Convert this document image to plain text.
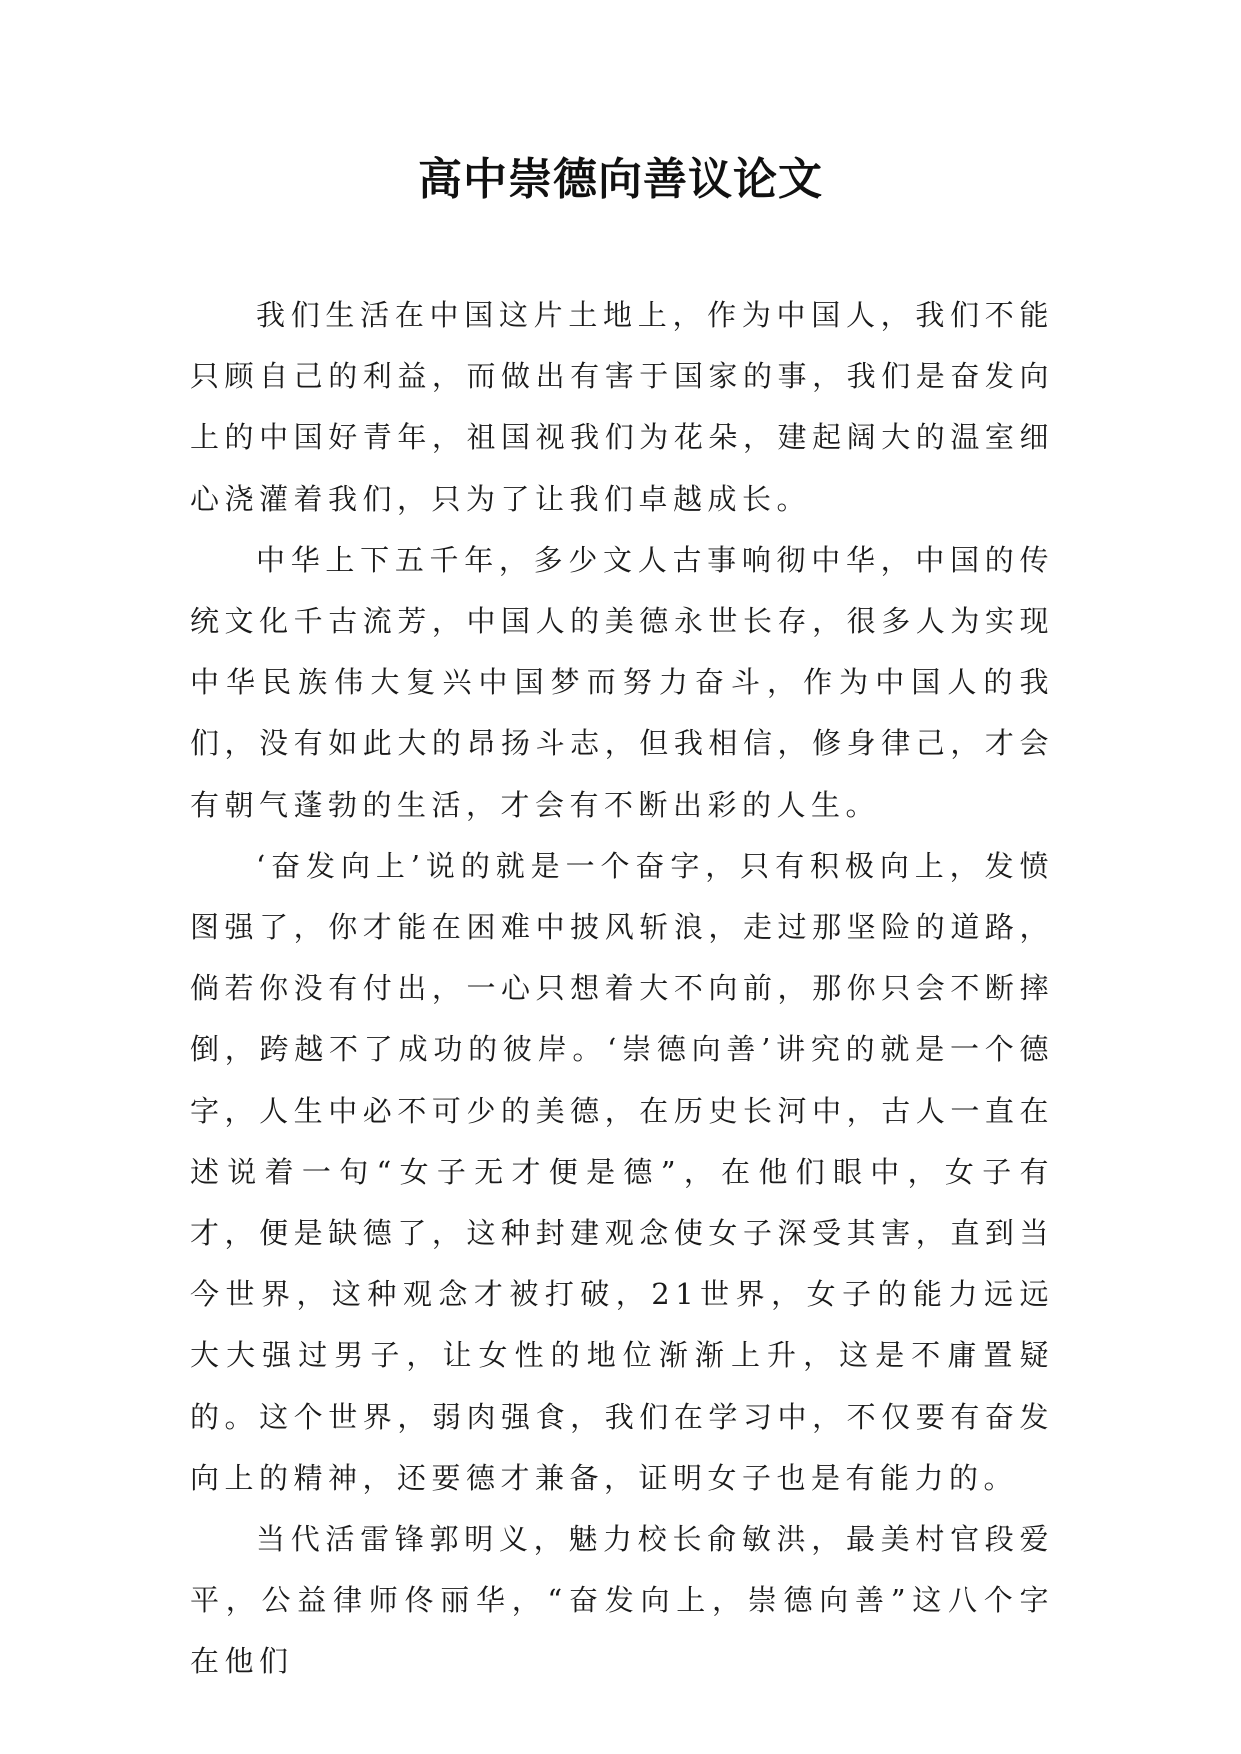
高中崇德向善议论文

我们生活在中国这片土地上，作为中国人，我们不能只顾自己的利益，而做出有害于国家的事，我们是奋发向上的中国好青年，祖国视我们为花朵，建起阔大的温室细心浇灌着我们，只为了让我们卓越成长。

中华上下五千年，多少文人古事响彻中华，中国的传统文化千古流芳，中国人的美德永世长存，很多人为实现中华民族伟大复兴中国梦而努力奋斗，作为中国人的我们，没有如此大的昂扬斗志，但我相信，修身律己，才会有朝气蓬勃的生活，才会有不断出彩的人生。

‘奋发向上’说的就是一个奋字，只有积极向上，发愤图强了，你才能在困难中披风斩浪，走过那坚险的道路，倘若你没有付出，一心只想着大不向前，那你只会不断摔倒，跨越不了成功的彼岸。‘崇德向善’讲究的就是一个德字，人生中必不可少的美德，在历史长河中，古人一直在述说着一句“女子无才便是德”，在他们眼中，女子有才，便是缺德了，这种封建观念使女子深受其害，直到当今世界，这种观念才被打破，21世界，女子的能力远远大大强过男子，让女性的地位渐渐上升，这是不庸置疑的。这个世界，弱肉强食，我们在学习中，不仅要有奋发向上的精神，还要德才兼备，证明女子也是有能力的。

当代活雷锋郭明义，魅力校长俞敏洪，最美村官段爱平，公益律师佟丽华，“奋发向上，崇德向善”这八个字在他们
